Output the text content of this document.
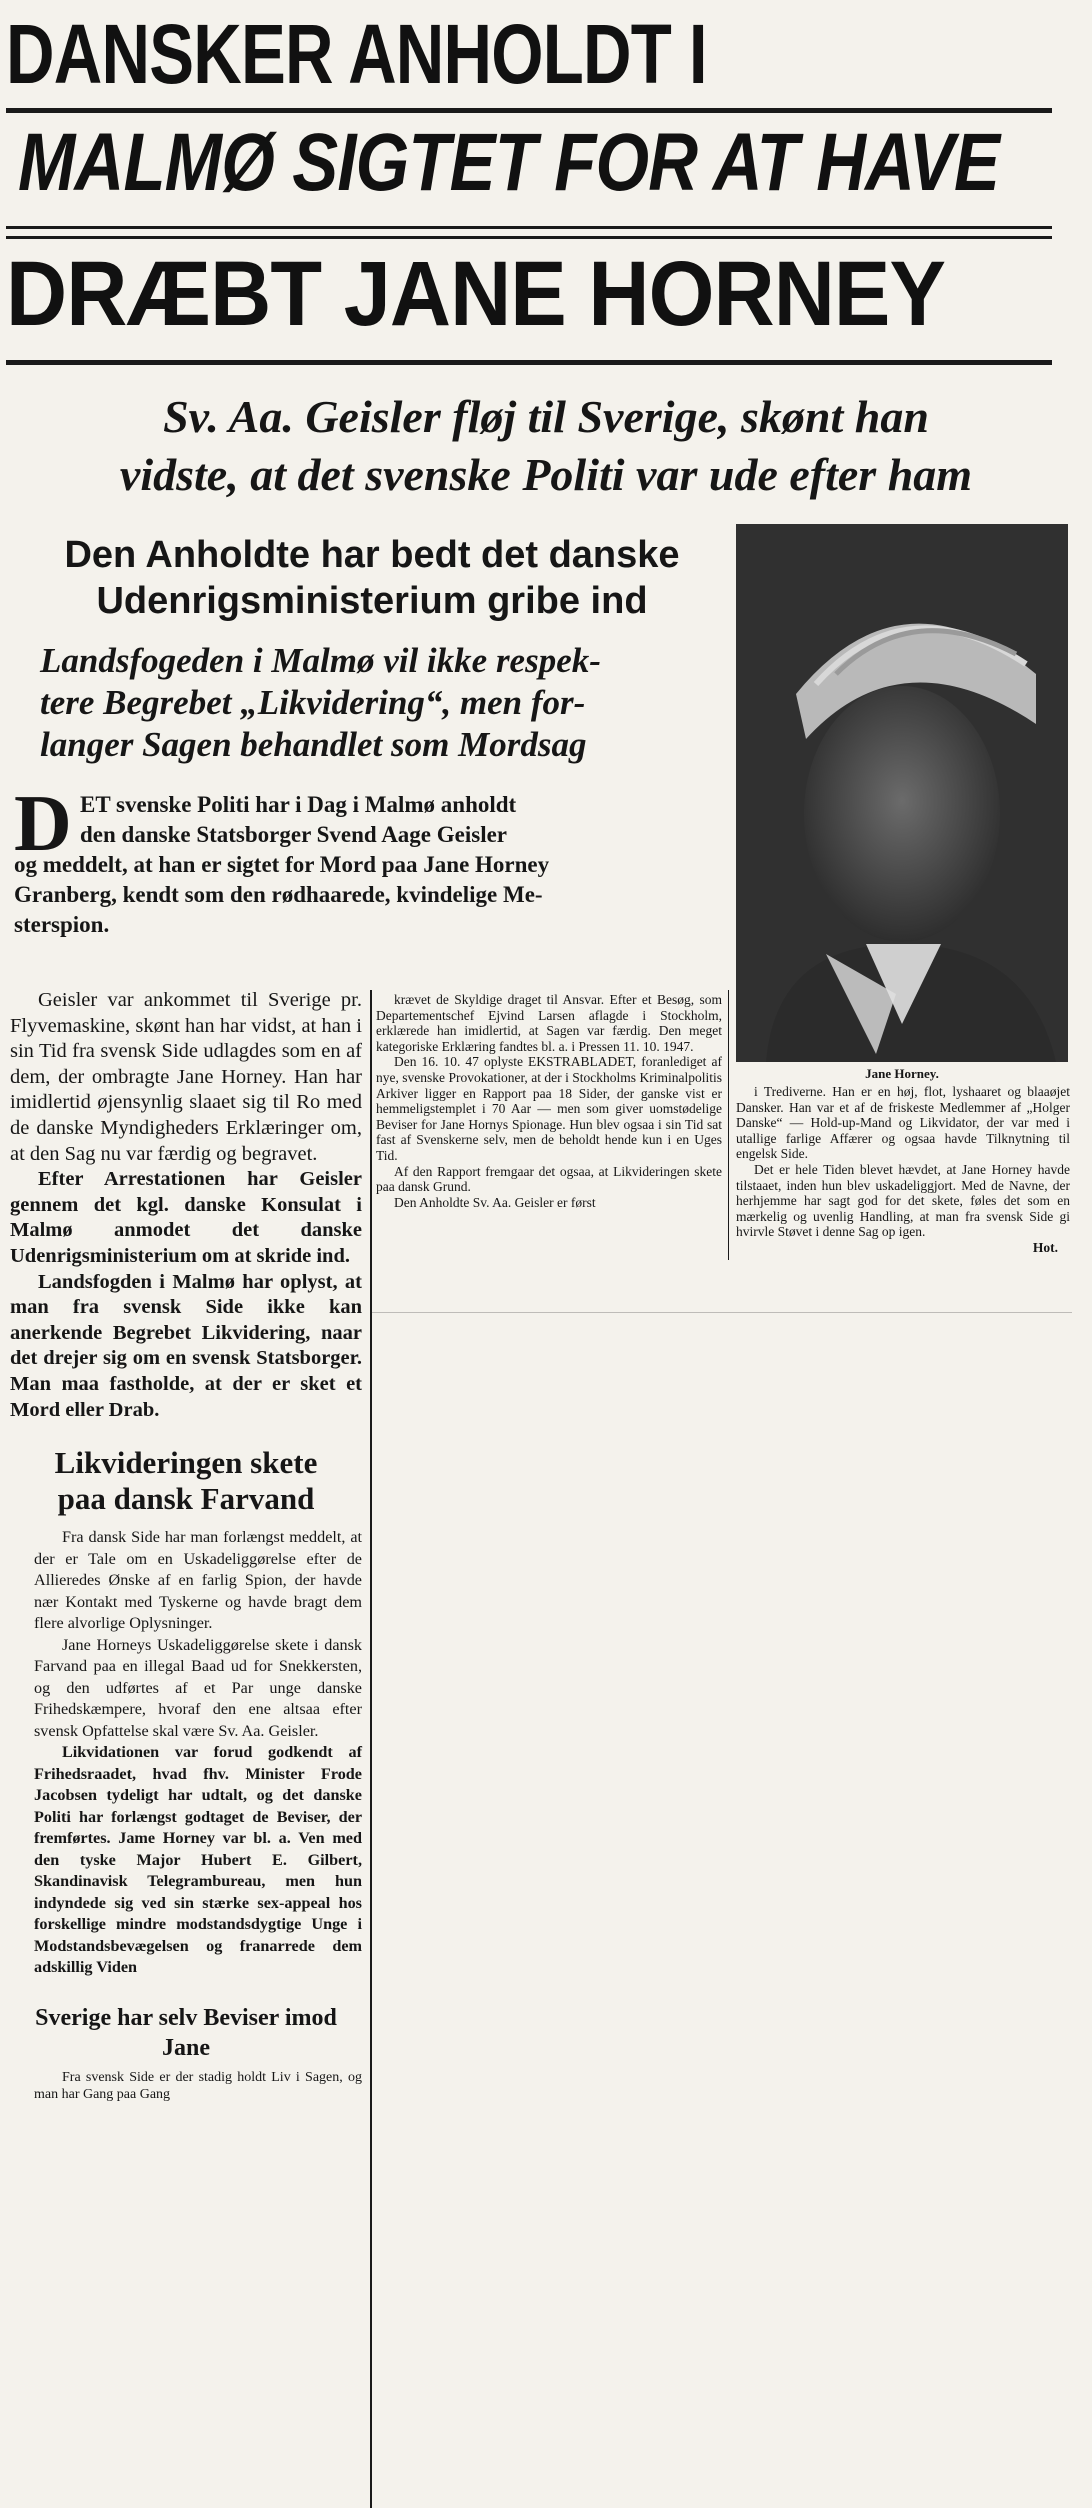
DANSKER ANHOLDT I
MALMØ SIGTET FOR AT HAVE
DRÆBT JANE HORNEY
Sv. Aa. Geisler fløj til Sverige, skønt han
vidste, at det svenske Politi var ude efter ham
Den Anholdte har bedt det danske
Udenrigsministerium gribe ind
Landsfogeden i Malmø vil ikke respek-
tere Begrebet „Likvidering“, men for-
langer Sagen behandlet som Mordsag
Jane Horney.
D ET svenske Politi har i Dag i Malmø anholdt
den danske Statsborger Svend Aage Geisler
og meddelt, at han er sigtet for Mord paa Jane Horney
Granberg, kendt som den rødhaarede, kvindelige Me-
sterspion.

Geisler var ankommet til Sverige pr. Flyvemaskine, skønt han har vidst, at han i sin Tid fra svensk Side udlagdes som en af dem, der ombragte Jane Horney. Han har imidlertid øjensynlig slaaet sig til Ro med de danske Myndigheders Erklæringer om, at den Sag nu var færdig og begravet.

Efter Arrestationen har Geisler gennem det kgl. danske Konsulat i Malmø anmodet det danske Udenrigsministerium om at skride ind.

Landsfogden i Malmø har oplyst, at man fra svensk Side ikke kan anerkende Begrebet Likvidering, naar det drejer sig om en svensk Statsborger. Man maa fastholde, at der er sket et Mord eller Drab.

Likvideringen skete paa dansk Farvand

Fra dansk Side har man forlængst meddelt, at der er Tale om en Uskadeliggørelse efter de Allieredes Ønske af en farlig Spion, der havde nær Kontakt med Tyskerne og havde bragt dem flere alvorlige Oplysninger.

Jane Horneys Uskadeliggørelse skete i dansk Farvand paa en illegal Baad ud for Snekkersten, og den udførtes af et Par unge danske Frihedskæmpere, hvoraf den ene altsaa efter svensk Opfattelse skal være Sv. Aa. Geisler.

Likvidationen var forud godkendt af Frihedsraadet, hvad fhv. Minister Frode Jacobsen tydeligt har udtalt, og det danske Politi har forlængst godtaget de Beviser, der fremførtes. Jame Horney var bl. a. Ven med den tyske Major Hubert E. Gilbert, Skandinavisk Telegrambureau, men hun indyndede sig ved sin stærke sex-appeal hos forskellige mindre modstandsdygtige Unge i Modstandsbevægelsen og franarrede dem adskillig Viden

Sverige har selv Beviser imod Jane

Fra svensk Side er der stadig holdt Liv i Sagen, og man har Gang paa Gang

krævet de Skyldige draget til Ansvar. Efter et Besøg, som Departementschef Ejvind Larsen aflagde i Stockholm, erklærede han imidlertid, at Sagen var færdig. Den meget kategoriske Erklæring fandtes bl. a. i Pressen 11. 10. 1947.

Den 16. 10. 47 oplyste EKSTRABLADET, foranlediget af nye, svenske Provokationer, at der i Stockholms Kriminalpolitis Arkiver ligger en Rapport paa 18 Sider, der ganske vist er hemmeligstemplet i 70 Aar — men som giver uomstødelige Beviser for Jane Hornys Spionage. Hun blev ogsaa i sin Tid sat fast af Svenskerne selv, men de beholdt hende kun i en Uges Tid.

Af den Rapport fremgaar det ogsaa, at Likvideringen skete paa dansk Grund.

Den Anholdte Sv. Aa. Geisler er først

i Trediverne. Han er en høj, flot, lyshaaret og blaaøjet Dansker. Han var et af de friskeste Medlemmer af „Holger Danske“ — Hold-up-Mand og Likvidator, der var med i utallige farlige Affærer og ogsaa havde Tilknytning til engelsk Side.

Det er hele Tiden blevet hævdet, at Jane Horney havde tilstaaet, inden hun blev uskadeliggjort. Med de Navne, der herhjemme har sagt god for det skete, føles det som en mærkelig og uvenlig Handling, at man fra svensk Side gi hvirvle Støvet i denne Sag op igen.

Hot.
